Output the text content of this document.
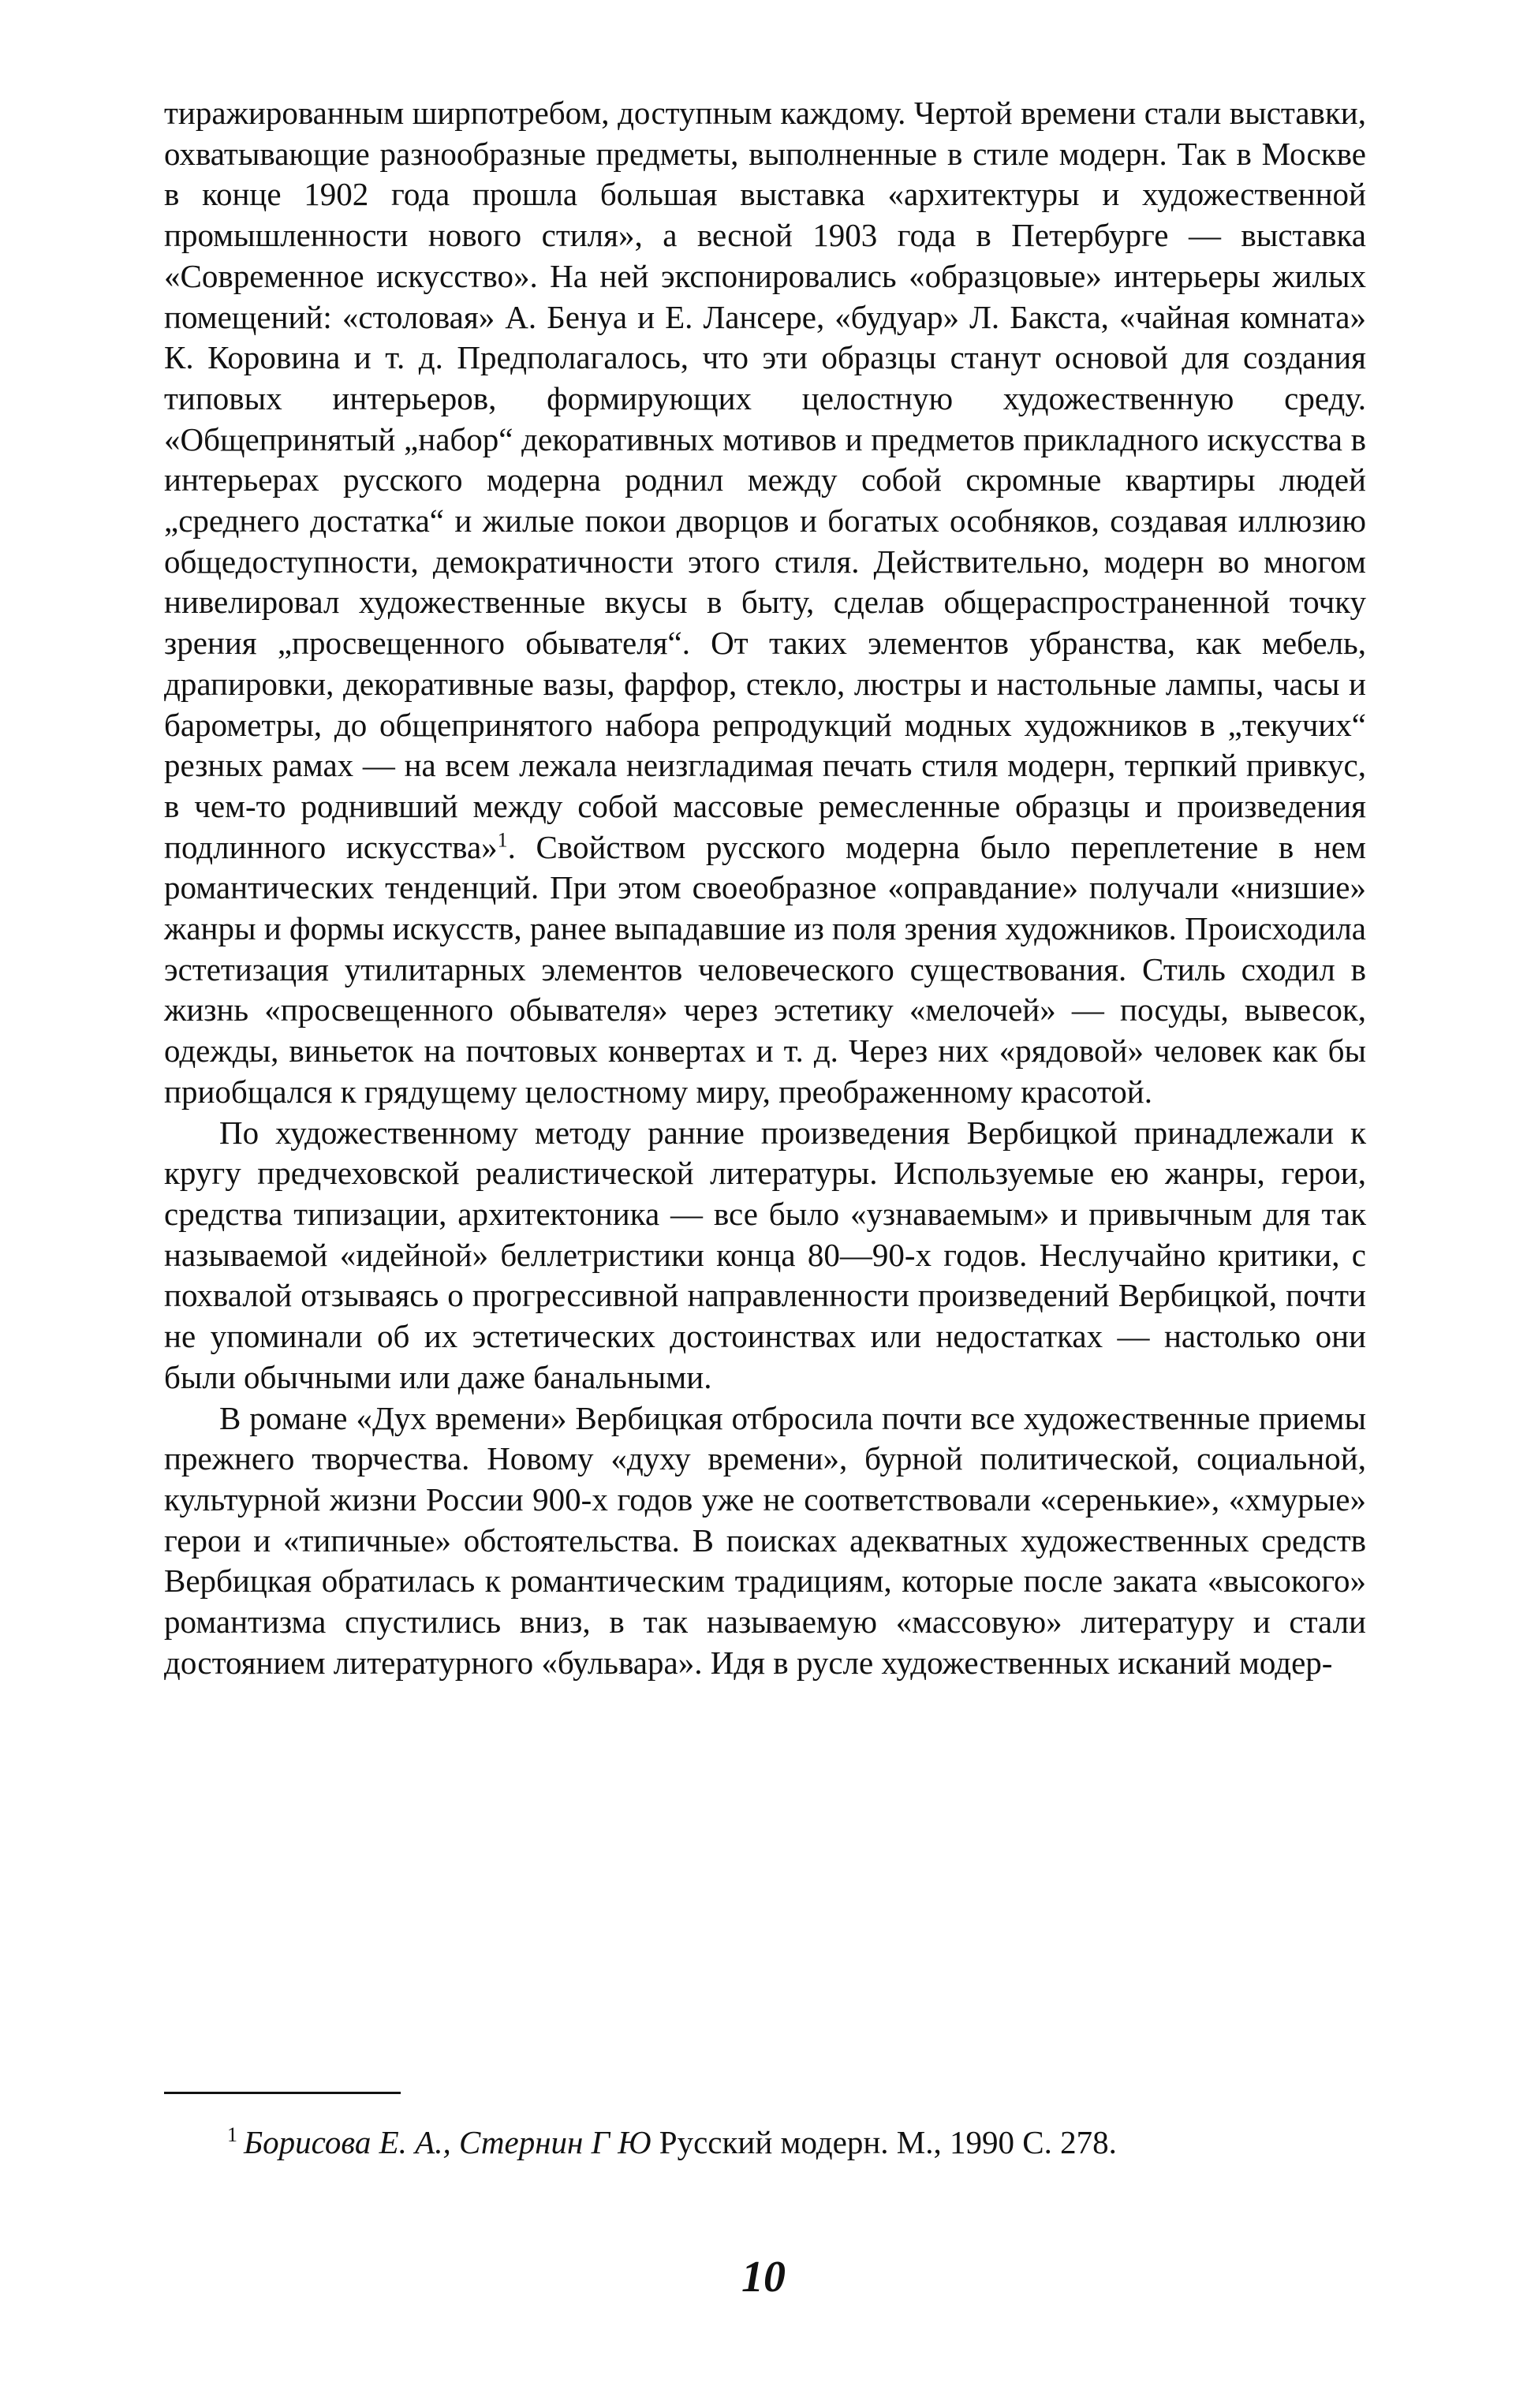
тиражированным ширпотребом, доступным каждому. Чертой времени стали выставки, охватывающие разнообразные предметы, выполненные в стиле модерн. Так в Москве в конце 1902 года прошла большая выставка «архитектуры и художественной промышленности нового стиля», а весной 1903 года в Петербурге — выставка «Современное искусство». На ней экспонировались «образцовые» интерьеры жилых помещений: «столовая» А. Бенуа и Е. Лансере, «будуар» Л. Бакста, «чайная комната» К. Коровина и т. д. Предполагалось, что эти образцы станут основой для создания типовых интерьеров, формирующих целостную художественную среду. «Общепринятый „набор“ декоративных мотивов и предметов прикладного искусства в интерьерах русского модерна роднил между собой скромные квартиры людей „среднего достатка“ и жилые покои дворцов и богатых особняков, создавая иллюзию общедоступности, демократичности этого стиля. Действительно, модерн во многом нивелировал художественные вкусы в быту, сделав общераспространенной точку зрения „просвещенного обывателя“. От таких элементов убранства, как мебель, драпировки, декоративные вазы, фарфор, стекло, люстры и настольные лампы, часы и барометры, до общепринятого набора репродукций модных художников в „текучих“ резных рамах — на всем лежала неизгладимая печать стиля модерн, терпкий привкус, в чем-то роднивший между собой массовые ремесленные образцы и произведения подлинного искусства»$^1$. Свойством русского модерна было переплетение в нем романтических тенденций. При этом своеобразное «оправдание» получали «низшие» жанры и формы искусств, ранее выпадавшие из поля зрения художников. Происходила эстетизация утилитарных элементов человеческого существования. Стиль сходил в жизнь «просвещенного обывателя» через эстетику «мелочей» — посуды, вывесок, одежды, виньеток на почтовых конвертах и т. д. Через них «рядовой» человек как бы приобщался к грядущему целостному миру, преображенному красотой.

По художественному методу ранние произведения Вербицкой принадлежали к кругу предчеховской реалистической литературы. Используемые ею жанры, герои, средства типизации, архитектоника — все было «узнаваемым» и привычным для так называемой «идейной» беллетристики конца 80—90-х годов. Неслучайно критики, с похвалой отзываясь о прогрессивной направленности произведений Вербицкой, почти не упоминали об их эстетических достоинствах или недостатках — настолько они были обычными или даже банальными.

В романе «Дух времени» Вербицкая отбросила почти все художественные приемы прежнего творчества. Новому «духу времени», бурной политической, социальной, культурной жизни России 900-х годов уже не соответствовали «серенькие», «хмурые» герои и «типичные» обстоятельства. В поисках адекватных художественных средств Вербицкая обратилась к романтическим традициям, которые после заката «высокого» романтизма спустились вниз, в так называемую «массовую» литературу и стали достоянием литературного «бульвара». Идя в русле художественных исканий модер-

$^1$ Борисова Е. А., Стернин Г Ю Русский модерн. М., 1990 С. 278.
10
